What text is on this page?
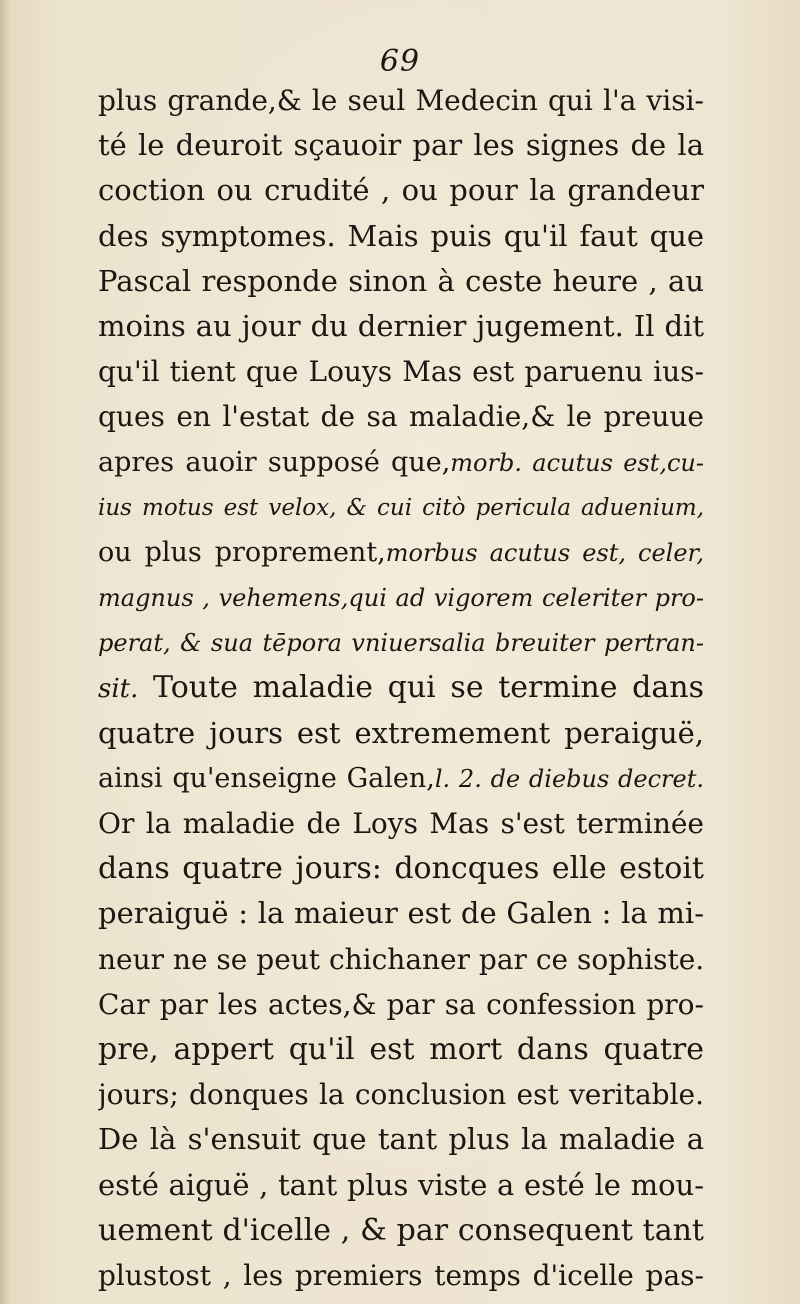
69
plus grande,& le seul Medecin qui l'a visi-
té le deuroit sçauoir par les signes de la
coction ou crudité , ou pour la grandeur
des symptomes. Mais puis qu'il faut que
Pascal responde sinon à ceste heure , au
moins au jour du dernier jugement. Il dit
qu'il tient que Louys Mas est paruenu ius-
ques en l'estat de sa maladie,& le preuue
apres auoir supposé que,morb. acutus est,cu-
ius motus est velox, & cui citò pericula aduenium,
ou plus proprement,morbus acutus est, celer,
magnus , vehemens,qui ad vigorem celeriter pro-
perat, & sua tēpora vniuersalia breuiter pertran-
sit. Toute maladie qui se termine dans
quatre jours est extremement peraiguë,
ainsi qu'enseigne Galen,l. 2. de diebus decret.
Or la maladie de Loys Mas s'est terminée
dans quatre jours: doncques elle estoit
peraiguë : la maieur est de Galen : la mi-
neur ne se peut chichaner par ce sophiste.
Car par les actes,& par sa confession pro-
pre, appert qu'il est mort dans quatre
jours; donques la conclusion est veritable.
De là s'ensuit que tant plus la maladie a
esté aiguë , tant plus viste a esté le mou-
uement d'icelle , & par consequent tant
plustost , les premiers temps d'icelle pas-
